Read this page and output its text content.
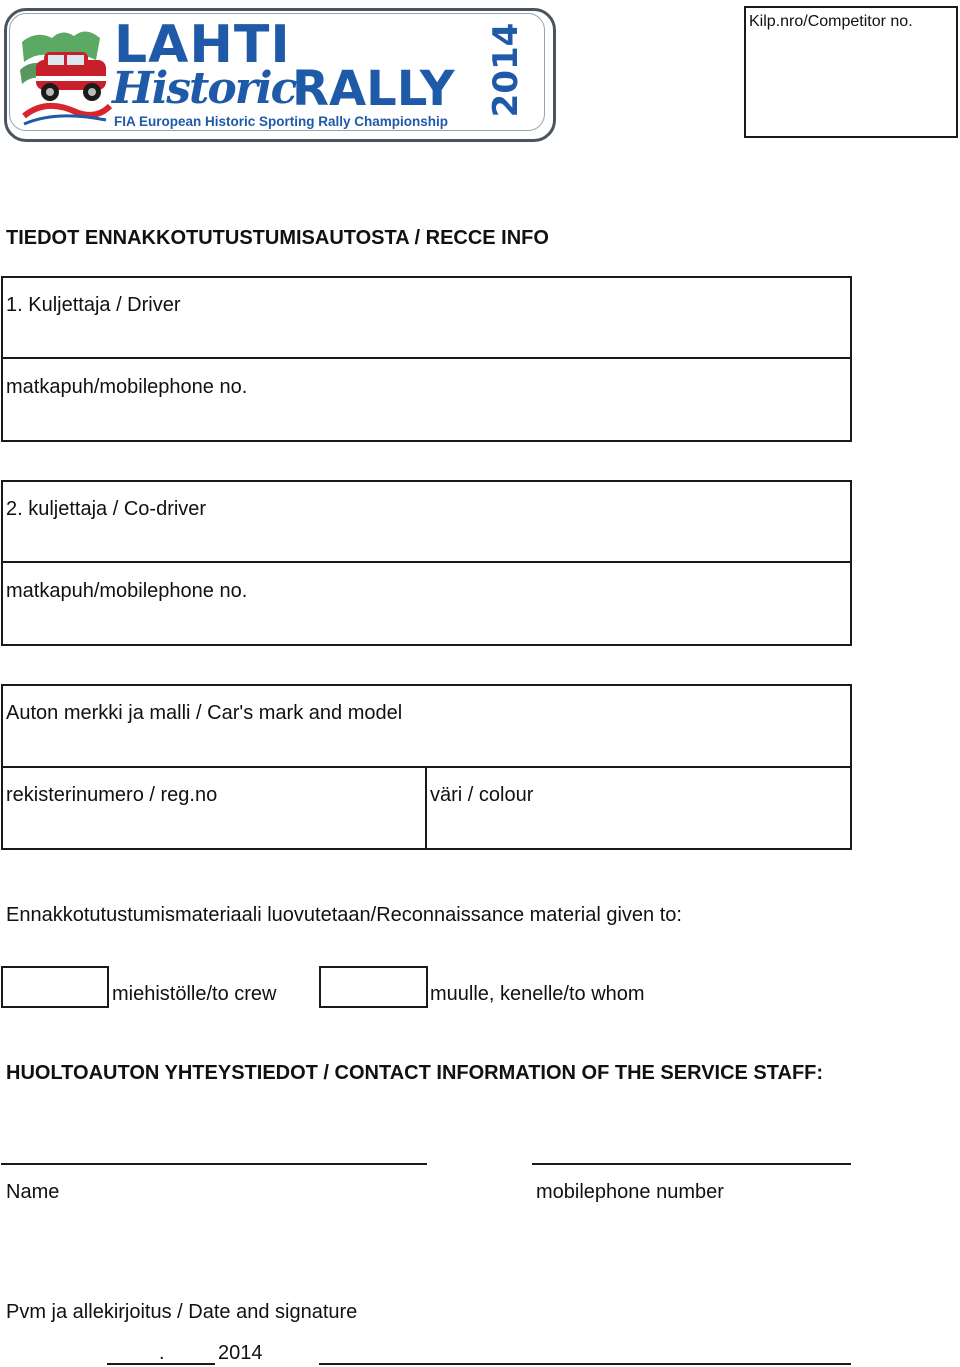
LAHTI
Historic
RALLY 2014
FIA European Historic Sporting Rally Championship
Kilp.nro/Competitor no.
TIEDOT ENNAKKOTUTUSTUMISAUTOSTA / RECCE INFO
1. Kuljettaja / Driver
matkapuh/mobilephone no.
2. kuljettaja / Co-driver
matkapuh/mobilephone no.
Auton merkki ja malli / Car's mark and model
rekisterinumero / reg.no	väri / colour
Ennakkotutustumismateriaali luovutetaan/Reconnaissance material given to:
miehistölle/to crew	muulle, kenelle/to whom
HUOLTOAUTON YHTEYSTIEDOT / CONTACT INFORMATION OF THE SERVICE STAFF:
Name	mobilephone number
Pvm ja allekirjoitus / Date and signature
.	2014
